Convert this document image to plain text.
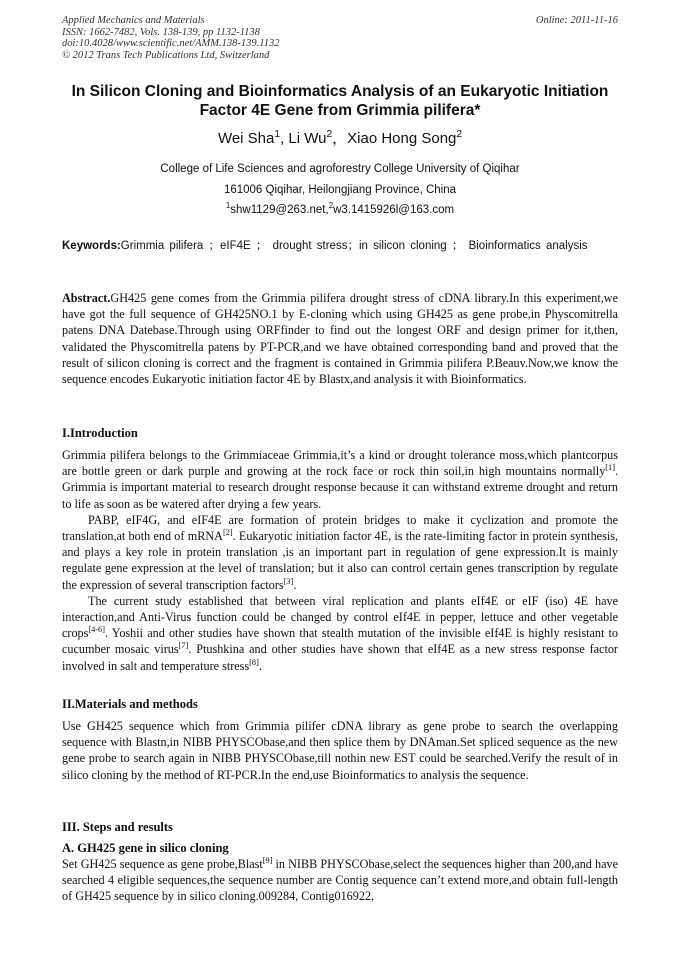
Applied Mechanics and Materials
ISSN: 1662-7482, Vols. 138-139, pp 1132-1138
doi:10.4028/www.scientific.net/AMM.138-139.1132
© 2012 Trans Tech Publications Ltd, Switzerland
Online: 2011-11-16
In Silicon Cloning and Bioinformatics Analysis of an Eukaryotic Initiation Factor 4E Gene from Grimmia pilifera*
Wei Sha$^1$, Li Wu$^2$，Xiao Hong Song$^2$
College of Life Sciences and agroforestry College University of Qiqihar
161006 Qiqihar, Heilongjiang Province, China
$^1$shw1129@263.net,$^2$w3.1415926l@163.com
Keywords:Grimmia pilifera ；eIF4E ； drought stress；in silicon cloning ； Bioinformatics analysis
Abstract.GH425 gene comes from the Grimmia pilifera drought stress of cDNA library.In this experiment,we have got the full sequence of GH425NO.1 by E-cloning which using GH425 as gene probe,in Physcomitrella patens DNA Datebase.Through using ORFfinder to find out the longest ORF and design primer for it,then, validated the Physcomitrella patens by PT-PCR,and we have obtained corresponding band and proved that the result of silicon cloning is correct and the fragment is contained in Grimmia pilifera P.Beauv.Now,we know the sequence encodes Eukaryotic initiation factor 4E by Blastx,and analysis it with Bioinformatics.
I.Introduction

Grimmia pilifera belongs to the Grimmiaceae Grimmia,it’s a kind or drought tolerance moss,which plantcorpus are bottle green or dark purple and growing at the rock face or rock thin soil,in high mountains normally[1]. Grimmia is important material to research drought response because it can withstand extreme drought and return to life as soon as be watered after drying a few years.

PABP, eIF4G, and eIF4E are formation of protein bridges to make it cyclization and promote the translation,at both end of mRNA[2]. Eukaryotic initiation factor 4E, is the rate-limiting factor in protein synthesis, and plays a key role in protein translation ,is an important part in regulation of gene expression.It is mainly regulate gene expression at the level of translation; but it also can control certain genes transcription by regulate the expression of several transcription factors[3].

The current study established that between viral replication and plants eIf4E or eIF (iso) 4E have interaction,and Anti-Virus function could be changed by control eIf4E in pepper, lettuce and other vegetable crops[4-6]. Yoshii and other studies have shown that stealth mutation of the invisible eIf4E is highly resistant to cucumber mosaic virus[7]. Ptushkina and other studies have shown that eIf4E as a new stress response factor involved in salt and temperature stress[8].

II.Materials and methods
Use GH425 sequence which from Grimmia pilifer cDNA library as gene probe to search the overlapping sequence with Blastn,in NIBB PHYSCObase,and then splice them by DNAman.Set spliced sequence as the new gene probe to search again in NIBB PHYSCObase,till nothin new EST could be searched.Verify the result of in silico cloning by the method of RT-PCR.In the end,use Bioinformatics to analysis the sequence.
III. Steps and results
A. GH425 gene in silico cloning
Set GH425 sequence as gene probe,Blast[9] in NIBB PHYSCObase,select the sequences higher than 200,and have searched 4 eligible sequences,the sequence number are Contig sequence can’t extend more,and obtain full-length of GH425 sequence by in silico cloning.009284, Contig016922,
